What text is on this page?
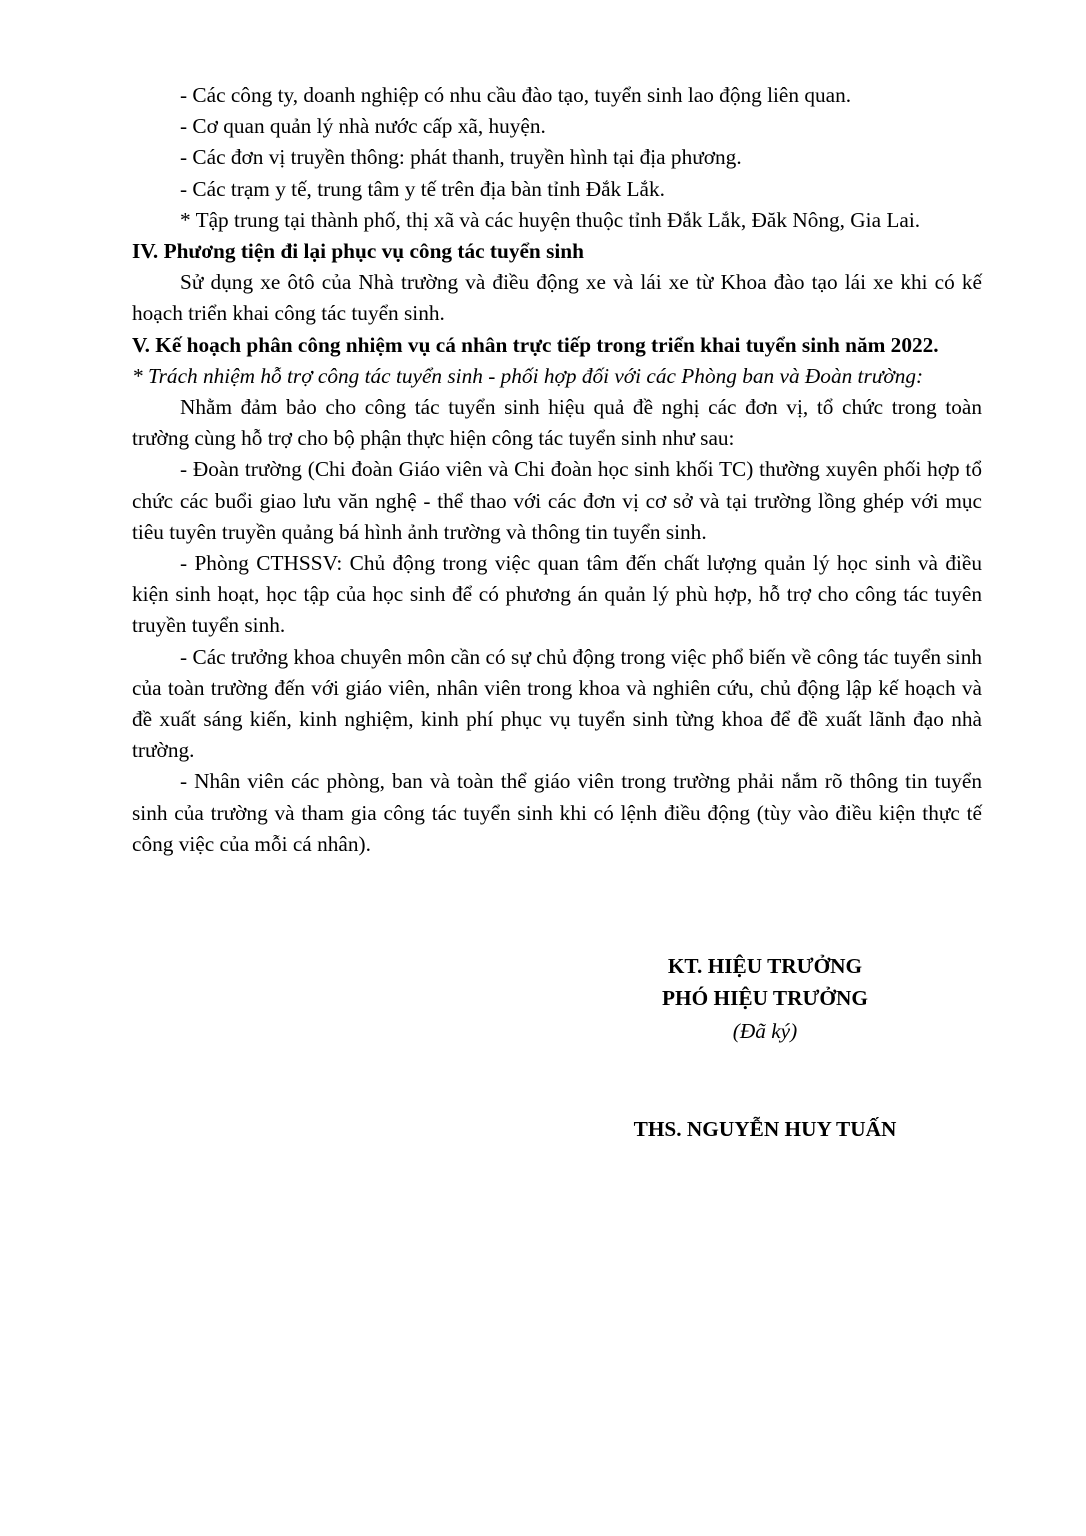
- Các công ty, doanh nghiệp có nhu cầu đào tạo, tuyển sinh lao động liên quan.

- Cơ quan quản lý nhà nước cấp xã, huyện.

- Các đơn vị truyền thông: phát thanh, truyền hình tại địa phương.

- Các trạm y tế, trung tâm y tế trên địa bàn tỉnh Đắk Lắk.

* Tập trung tại thành phố, thị xã và các huyện thuộc tỉnh Đắk Lắk, Đăk Nông, Gia Lai.

IV. Phương tiện đi lại phục vụ công tác tuyển sinh

Sử dụng xe ôtô của Nhà trường và điều động xe và lái xe từ Khoa đào tạo lái xe khi có kế hoạch triển khai công tác tuyển sinh.

V. Kế hoạch phân công nhiệm vụ cá nhân trực tiếp trong triển khai tuyển sinh năm 2022.

* Trách nhiệm hỗ trợ công tác tuyển sinh - phối hợp đối với các Phòng ban và Đoàn trường:

Nhằm đảm bảo cho công tác tuyển sinh hiệu quả đề nghị các đơn vị, tổ chức trong toàn trường cùng hỗ trợ cho bộ phận thực hiện công tác tuyển sinh như sau:

- Đoàn trường (Chi đoàn Giáo viên và Chi đoàn học sinh khối TC) thường xuyên phối hợp tổ chức các buổi giao lưu văn nghệ - thể thao với các đơn vị cơ sở và tại trường lồng ghép với mục tiêu tuyên truyền quảng bá hình ảnh trường và thông tin tuyển sinh.

- Phòng CTHSSV: Chủ động trong việc quan tâm đến chất lượng quản lý học sinh và điều kiện sinh hoạt, học tập của học sinh để có phương án quản lý phù hợp, hỗ trợ cho công tác tuyên truyền tuyển sinh.

- Các trưởng khoa chuyên môn cần có sự chủ động trong việc phổ biến về công tác tuyển sinh của toàn trường đến với giáo viên, nhân viên trong khoa và nghiên cứu, chủ động lập kế hoạch và đề xuất sáng kiến, kinh nghiệm, kinh phí phục vụ tuyển sinh từng khoa để đề xuất lãnh đạo nhà trường.

- Nhân viên các phòng, ban và toàn thể giáo viên trong trường phải nắm rõ thông tin tuyển sinh của trường và tham gia công tác tuyển sinh khi có lệnh điều động (tùy vào điều kiện thực tế công việc của mỗi cá nhân).

KT. HIỆU TRƯỞNG
PHÓ HIỆU TRƯỞNG
(Đã ký)
THS. NGUYỄN HUY TUẤN
